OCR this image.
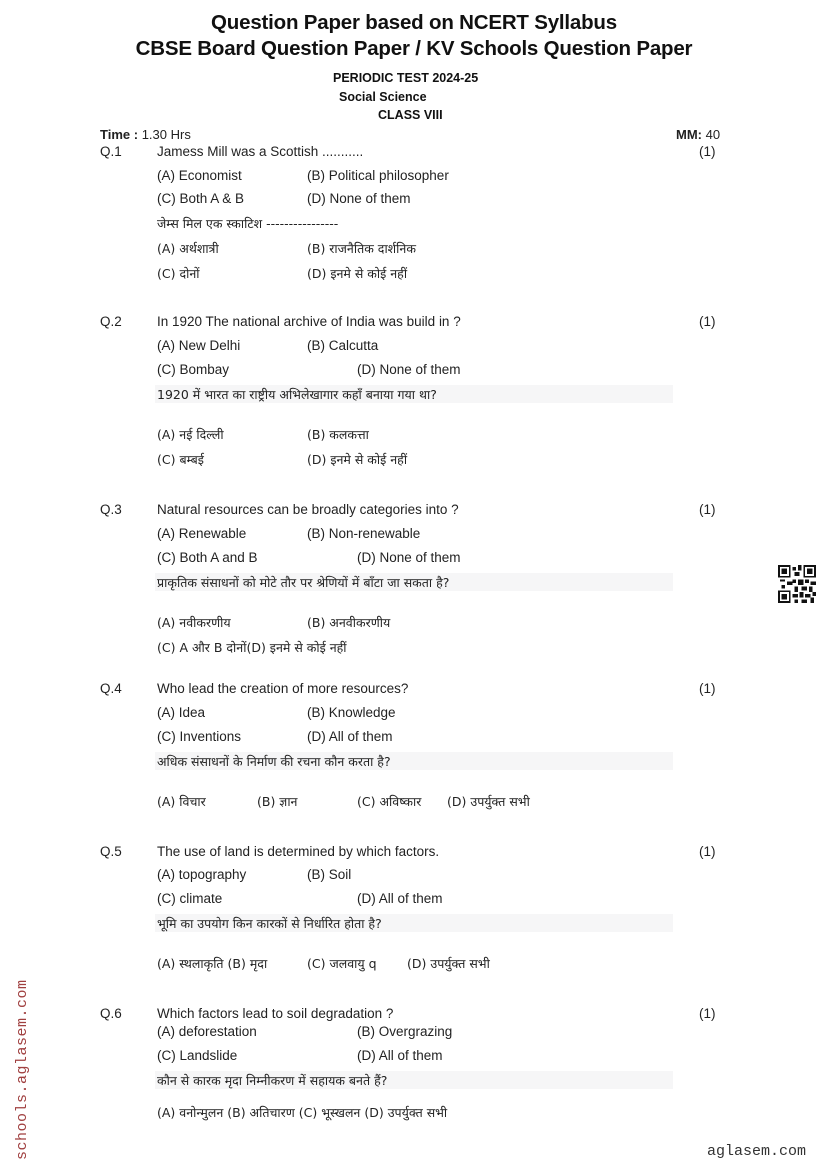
Question Paper based on NCERT Syllabus
CBSE Board Question Paper / KV Schools Question Paper
PERIODIC TEST 2024-25
Social Science
CLASS VIII
Time : 1.30 Hrs	MM: 40
Q.1	Jamess Mill was a Scottish ...........	(1)
(A) Economist	(B) Political philosopher
(C) Both A & B	(D) None of them
जेम्स मिल एक स्काटिश ----------------
(A) अर्थशात्री	(B) राजनैतिक दार्शनिक
(C) दोनों	(D) इनमे से कोई नहीं
Q.2	In 1920 The national archive of India was build in ?	(1)
(A) New Delhi	(B) Calcutta
(C) Bombay	(D) None of them
1920 में भारत का राष्ट्रीय अभिलेखागार कहाँ बनाया गया था?
(A) नई दिल्ली	(B) कलकत्ता
(C) बम्बई	(D) इनमे से कोई नहीं
Q.3	Natural resources can be broadly categories into ?	(1)
(A) Renewable	(B) Non-renewable
(C) Both A and B	(D) None of them
प्राकृतिक संसाधनों को मोटे तौर पर श्रेणियों में बाँटा जा सकता है?
(A) नवीकरणीय	(B) अनवीकरणीय
(C) A और B दोनों(D) इनमे से कोई नहीं
Q.4	Who lead the creation of more resources?	(1)
(A) Idea	(B) Knowledge
(C) Inventions	(D) All of them
अधिक संसाधनों के निर्माण की रचना कौन करता है?
(A) विचार	(B) ज्ञान	(C) अविष्कार (D) उपर्युक्त सभी
Q.5	The use of land is determined by which factors.	(1)
(A) topography	(B) Soil
(C) climate	(D) All of them
भूमि का उपयोग किन कारकों से निर्धारित होता है?
(A) स्थलाकृति (B) मृदा	(C) जलवायु q (D) उपर्युक्त सभी
Q.6	Which factors lead to soil degradation ?	(1)
(A) deforestation	(B) Overgrazing
(C) Landslide	(D) All of them
कौन से कारक मृदा निम्नीकरण में सहायक बनते हैं?
(A) वनोन्मुलन (B) अतिचारण (C) भूस्खलन (D) उपर्युक्त सभी
schools.aglasem.com	aglasem.com
